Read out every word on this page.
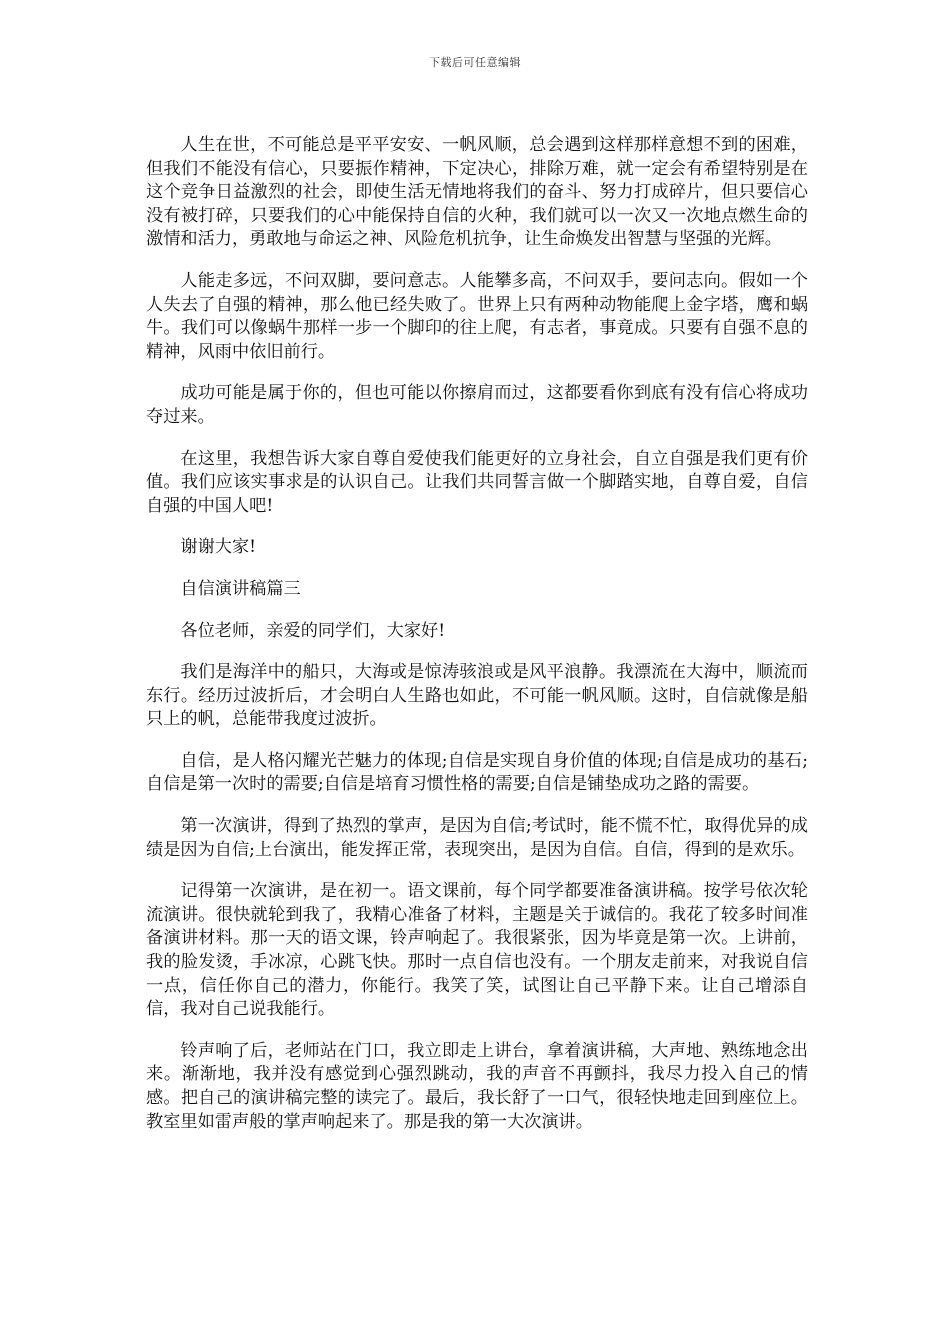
下载后可任意编辑

人生在世，不可能总是平平安安、一帆风顺，总会遇到这样那样意想不到的困难，但我们不能没有信心，只要振作精神，下定决心，排除万难，就一定会有希望特别是在这个竞争日益激烈的社会，即使生活无情地将我们的奋斗、努力打成碎片，但只要信心没有被打碎，只要我们的心中能保持自信的火种，我们就可以一次又一次地点燃生命的激情和活力，勇敢地与命运之神、风险危机抗争，让生命焕发出智慧与坚强的光辉。

人能走多远，不问双脚，要问意志。人能攀多高，不问双手，要问志向。假如一个人失去了自强的精神，那么他已经失败了。世界上只有两种动物能爬上金字塔，鹰和蜗牛。我们可以像蜗牛那样一步一个脚印的往上爬，有志者，事竟成。只要有自强不息的精神，风雨中依旧前行。

成功可能是属于你的，但也可能以你擦肩而过，这都要看你到底有没有信心将成功夺过来。

在这里，我想告诉大家自尊自爱使我们能更好的立身社会，自立自强是我们更有价值。我们应该实事求是的认识自己。让我们共同誓言做一个脚踏实地，自尊自爱，自信自强的中国人吧!

谢谢大家!

自信演讲稿篇三

各位老师，亲爱的同学们，大家好!

我们是海洋中的船只，大海或是惊涛骇浪或是风平浪静。我漂流在大海中，顺流而东行。经历过波折后，才会明白人生路也如此，不可能一帆风顺。这时，自信就像是船只上的帆，总能带我度过波折。

自信，是人格闪耀光芒魅力的体现;自信是实现自身价值的体现;自信是成功的基石;自信是第一次时的需要;自信是培育习惯性格的需要;自信是铺垫成功之路的需要。

第一次演讲，得到了热烈的掌声，是因为自信;考试时，能不慌不忙，取得优异的成绩是因为自信;上台演出，能发挥正常，表现突出，是因为自信。自信，得到的是欢乐。

记得第一次演讲，是在初一。语文课前，每个同学都要准备演讲稿。按学号依次轮流演讲。很快就轮到我了，我精心准备了材料，主题是关于诚信的。我花了较多时间准备演讲材料。那一天的语文课，铃声响起了。我很紧张，因为毕竟是第一次。上讲前，我的脸发烫，手冰凉，心跳飞快。那时一点自信也没有。一个朋友走前来，对我说自信一点，信任你自己的潜力，你能行。我笑了笑，试图让自己平静下来。让自己增添自信，我对自己说我能行。

铃声响了后，老师站在门口，我立即走上讲台，拿着演讲稿，大声地、熟练地念出来。渐渐地，我并没有感觉到心强烈跳动，我的声音不再颤抖，我尽力投入自己的情感。把自己的演讲稿完整的读完了。最后，我长舒了一口气，很轻快地走回到座位上。教室里如雷声般的掌声响起来了。那是我的第一大次演讲。
